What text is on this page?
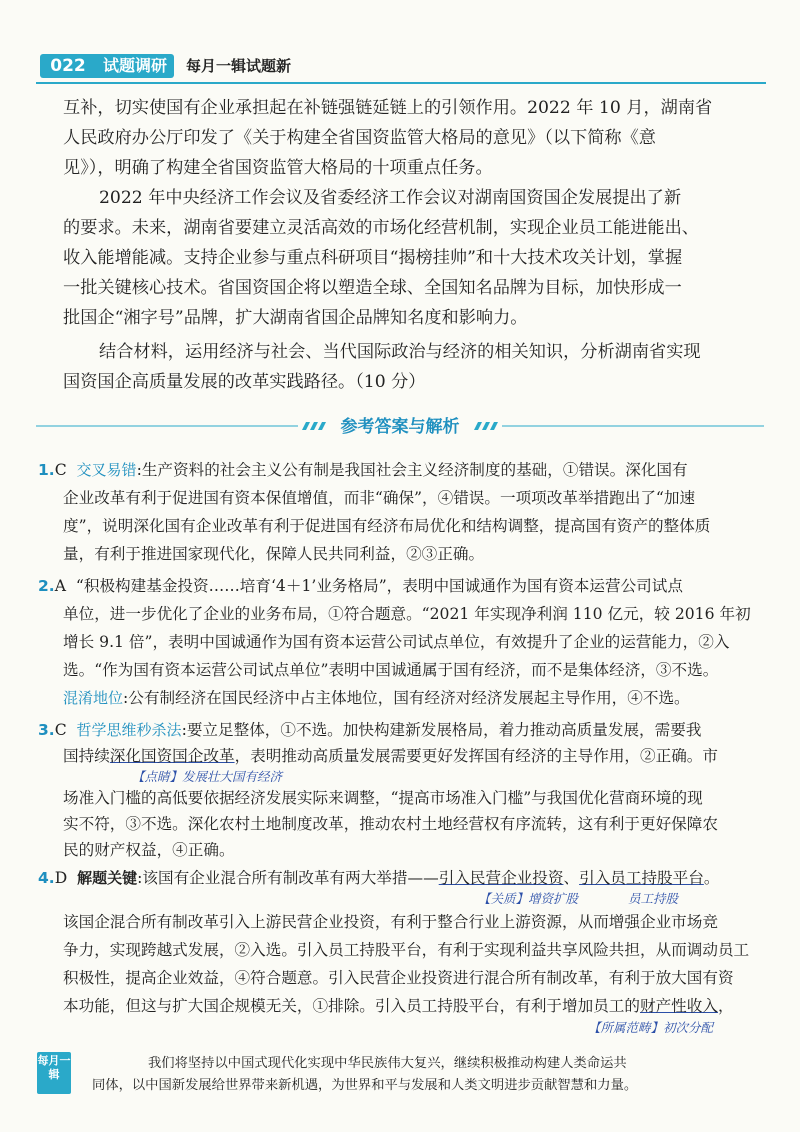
022	试题调研	每月一辑试题新
互补，切实使国有企业承担起在补链强链延链上的引领作用。2022 年 10 月，湖南省
人民政府办公厅印发了《关于构建全省国资监管大格局的意见》（以下简称《意
见》），明确了构建全省国资监管大格局的十项重点任务。
2022 年中央经济工作会议及省委经济工作会议对湖南国资国企发展提出了新
的要求。未来，湖南省要建立灵活高效的市场化经营机制，实现企业员工能进能出、
收入能增能减。支持企业参与重点科研项目“揭榜挂帅”和十大技术攻关计划，掌握
一批关键核心技术。省国资国企将以塑造全球、全国知名品牌为目标，加快形成一
批国企“湘字号”品牌，扩大湖南省国企品牌知名度和影响力。
结合材料，运用经济与社会、当代国际政治与经济的相关知识，分析湖南省实现
国资国企高质量发展的改革实践路径。（10 分）
参考答案与解析
1.C 交叉易错:生产资料的社会主义公有制是我国社会主义经济制度的基础，①错误。深化国有
企业改革有利于促进国有资本保值增值，而非“确保”，④错误。一项项改革举措跑出了“加速
度”，说明深化国有企业改革有利于促进国有经济布局优化和结构调整，提高国有资产的整体质
量，有利于推进国家现代化，保障人民共同利益，②③正确。
2.A “积极构建基金投资……培育‘4＋1’业务格局”，表明中国诚通作为国有资本运营公司试点
单位，进一步优化了企业的业务布局，①符合题意。“2021 年实现净利润 110 亿元，较 2016 年初
增长 9.1 倍”，表明中国诚通作为国有资本运营公司试点单位，有效提升了企业的运营能力，②入
选。“作为国有资本运营公司试点单位”表明中国诚通属于国有经济，而不是集体经济，③不选。
混淆地位:公有制经济在国民经济中占主体地位，国有经济对经济发展起主导作用，④不选。
3.C 哲学思维秒杀法:要立足整体，①不选。加快构建新发展格局，着力推动高质量发展，需要我
国持续深化国资国企改革，表明推动高质量发展需要更好发挥国有经济的主导作用，②正确。市
【点睛】发展壮大国有经济
场准入门槛的高低要依据经济发展实际来调整，“提高市场准入门槛”与我国优化营商环境的现
实不符，③不选。深化农村土地制度改革，推动农村土地经营权有序流转，这有利于更好保障农
民的财产权益，④正确。
4.D 解题关键:该国有企业混合所有制改革有两大举措——引入民营企业投资、引入员工持股平台。
【关质】增资扩股	员工持股
该国企混合所有制改革引入上游民营企业投资，有利于整合行业上游资源，从而增强企业市场竞
争力，实现跨越式发展，②入选。引入员工持股平台，有利于实现利益共享风险共担，从而调动员工
积极性，提高企业效益，④符合题意。引入民营企业投资进行混合所有制改革，有利于放大国有资
本功能，但这与扩大国企规模无关，①排除。引入员工持股平台，有利于增加员工的财产性收入，
【所属范畴】初次分配
每月一辑
我们将坚持以中国式现代化实现中华民族伟大复兴，继续积极推动构建人类命运共
同体，以中国新发展给世界带来新机遇，为世界和平与发展和人类文明进步贡献智慧和力量。
